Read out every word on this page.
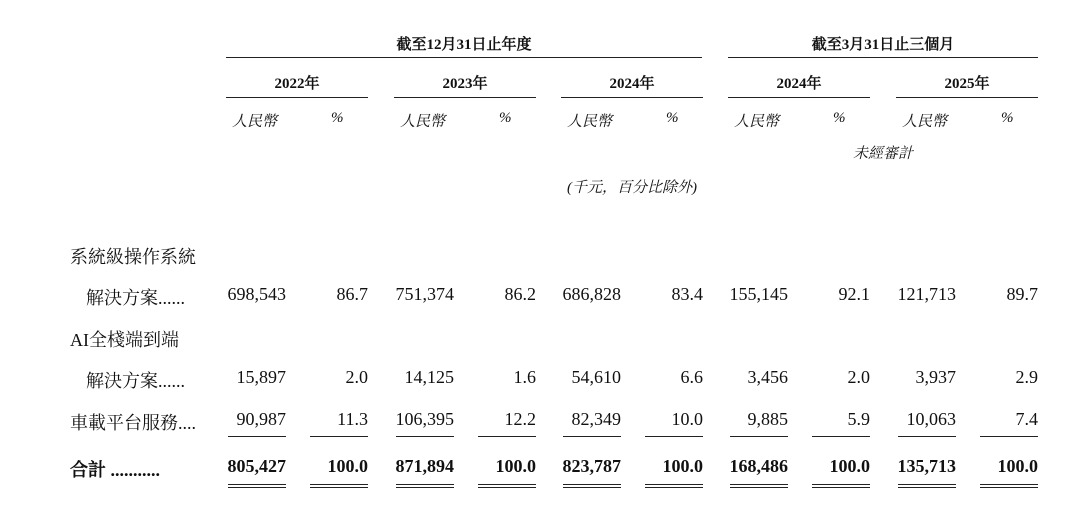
截至12月31日止年度	截至3月31日止三個月
2022年	2023年	2024年	2024年	2025年
人民幣	%	人民幣	%	人民幣	%	人民幣	%	人民幣	%
未經審計
(千元，百分比除外)
系統級操作系統
解決方案......	698,543	86.7	751,374	86.2	686,828	83.4	155,145	92.1	121,713	89.7
AI全棧端到端
解決方案......	15,897	2.0	14,125	1.6	54,610	6.6	3,456	2.0	3,937	2.9
車載平台服務....	90,987	11.3	106,395	12.2	82,349	10.0	9,885	5.9	10,063	7.4
合計 ...........	805,427	100.0	871,894	100.0	823,787	100.0	168,486	100.0	135,713	100.0
